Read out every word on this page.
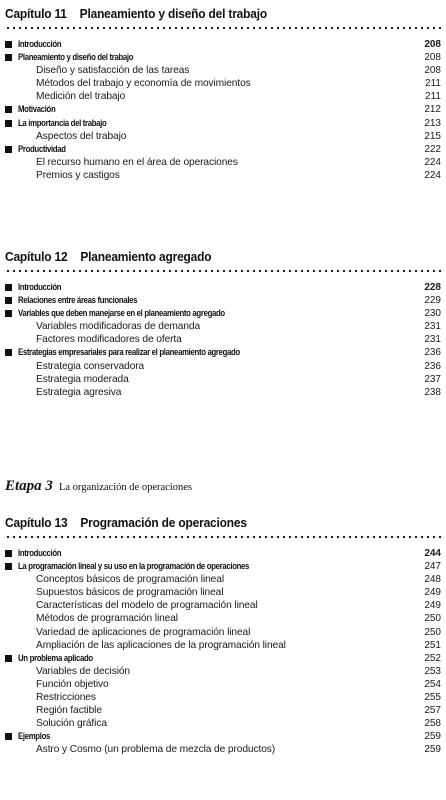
Capítulo 11 Planeamiento y diseño del trabajo
Introducción	208
Planeamiento y diseño del trabajo	208
Diseño y satisfacción de las tareas	208
Métodos del trabajo y economía de movimientos	211
Medición del trabajo	211
Motivación	212
La importancia del trabajo	213
Aspectos del trabajo	215
Productividad	222
El recurso humano en el área de operaciones	224
Premios y castigos	224
Capítulo 12 Planeamiento agregado
Introducción	228
Relaciones entre áreas funcionales	229
Variables que deben manejarse en el planeamiento agregado	230
Variables modificadoras de demanda	231
Factores modificadores de oferta	231
Estrategias empresariales para realizar el planeamiento agregado	236
Estrategia conservadora	236
Estrategia moderada	237
Estrategia agresiva	238
Etapa 3 La organización de operaciones
Capítulo 13 Programación de operaciones
Introducción	244
La programación lineal y su uso en la programación de operaciones	247
Conceptos básicos de programación lineal	248
Supuestos básicos de programación lineal	249
Características del modelo de programación lineal	249
Métodos de programación lineal	250
Variedad de aplicaciones de programación lineal	250
Ampliación de las aplicaciones de la programación lineal	251
Un problema aplicado	252
Variables de decisión	253
Función objetivo	254
Restricciones	255
Región factible	257
Solución gráfica	258
Ejemplos	259
Astro y Cosmo (un problema de mezcla de productos)	259
